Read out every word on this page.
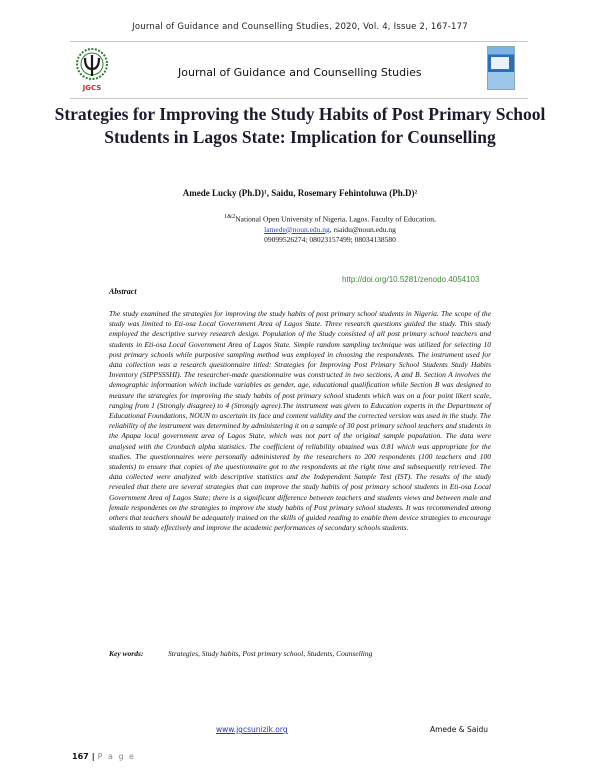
Journal of Guidance and Counselling Studies, 2020, Vol. 4, Issue 2, 167-177
JGCS
Journal of Guidance and Counselling Studies
Strategies for Improving the Study Habits of Post Primary School Students in Lagos State: Implication for Counselling
Amede Lucky (Ph.D)¹, Saidu, Rosemary Fehintoluwa (Ph.D)²
$^{1\&2}$National Open University of Nigeria, Lagos. Faculty of Education,
lamede@noun.edu.ng, rsaidu@noun.edu.ng
09099526274; 08023157499; 08034138580
http://doi.org/10.5281/zenodo.4054103
Abstract
The study examined the strategies for improving the study habits of post primary school students in Nigeria. The scope of the study was limited to Eti-osa Local Government Area of Lagos State. Three research questions guided the study. This study employed the descriptive survey research design. Population of the Study consisted of all post primary school teachers and students in Eti-osa Local Government Area of Lagos State. Simple random sampling technique was utilized for selecting 10 post primary schools while purposive sampling method was employed in choosing the respondents. The instrument used for data collection was a research questionnaire titled: Strategies for Improving Post Primary School Students Study Habits Inventory (SIPPSSSHI). The researcher-made questionnaire was constructed in two sections, A and B. Section A involves the demographic information which include variables as gender, age, educational qualification while Section B was designed to measure the strategies for improving the study habits of post primary school students which was on a four point likert scale, ranging from 1 (Strongly disagree) to 4 (Strongly agree).The instrument was given to Education experts in the Department of Educational Foundations, NOUN to ascertain its face and content validity and the corrected version was used in the study. The reliability of the instrument was determined by administering it on a sample of 30 post primary school teachers and students in the Apapa local government area of Lagos State, which was not part of the original sample population. The data were analysed with the Cronbach alpha statistics. The coefficient of reliability obtained was 0.81 which was appropriate for the studies. The questionnaires were personally administered by the researchers to 200 respondents (100 teachers and 100 students) to ensure that copies of the questionnaire got to the respondents at the right time and subsequently retrieved. The data collected were analyzed with descriptive statistics and the Independent Sample Test (IST). The results of the study revealed that there are several strategies that can improve the study habits of post primary school students in Eti-osa Local Government Area of Lagos State; there is a significant difference between teachers and students views and between male and female respondents on the strategies to improve the study habits of Post primary school students. It was recommended among others that teachers should be adequately trained on the skills of guided reading to enable them device strategies to encourage students to study effectively and improve the academic performances of secondary schools students.
Key words:	Strategies, Study habits, Post primary school, Students, Counselling
www.jgcsunizik.org	Amede & Saidu
167 | P a g e
